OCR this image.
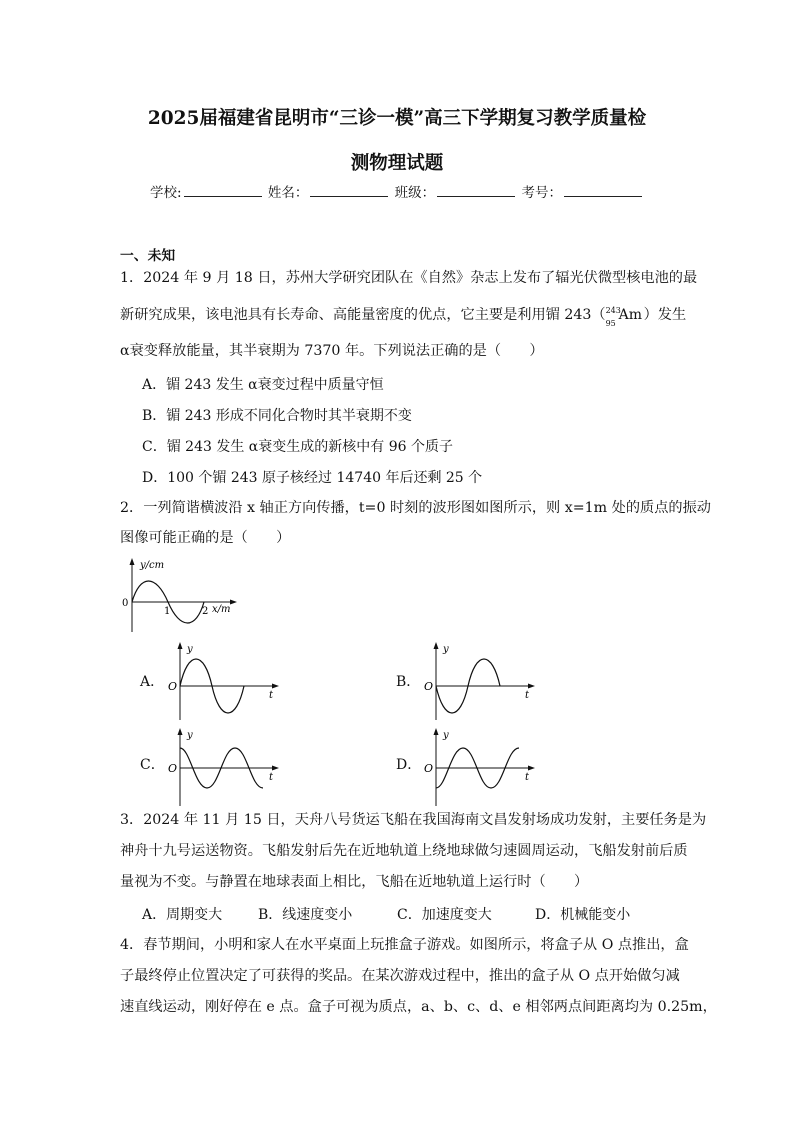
2025届福建省昆明市“三诊一模”高三下学期复习教学质量检
测物理试题
学校:	姓名：	班级：	考号：
一、未知
1．2024 年 9 月 18 日，苏州大学研究团队在《自然》杂志上发布了辐光伏微型核电池的最
新研究成果，该电池具有长寿命、高能量密度的优点，它主要是利用镅 243（ 243
95
Am ）发生
α衰变释放能量，其半衰期为 7370 年。下列说法正确的是（　　）
A．镅 243 发生 α衰变过程中质量守恒
B．镅 243 形成不同化合物时其半衰期不变
C．镅 243 发生 α衰变生成的新核中有 96 个质子
D．100 个镅 243 原子核经过 14740 年后还剩 25 个
2．一列简谐横波沿 x 轴正方向传播，t=0 时刻的波形图如图所示，则 x=1m 处的质点的振动
图像可能正确的是（　　）
y/cm
0
1	2 x/m
A．
y
O
t
B．
y
O
t
C．
y
O
t
D．
y
O
t
3．2024 年 11 月 15 日，天舟八号货运飞船在我国海南文昌发射场成功发射，主要任务是为
神舟十九号运送物资。飞船发射后先在近地轨道上绕地球做匀速圆周运动，飞船发射前后质
量视为不变。与静置在地球表面上相比，飞船在近地轨道上运行时（　　）
A．周期变大	B．线速度变小	C．加速度变大	D．机械能变小
4．春节期间，小明和家人在水平桌面上玩推盒子游戏。如图所示，将盒子从 O 点推出，盒
子最终停止位置决定了可获得的奖品。在某次游戏过程中，推出的盒子从 O 点开始做匀减
速直线运动，刚好停在 e 点。盒子可视为质点，a、b、c、d、e 相邻两点间距离均为 0.25m，
